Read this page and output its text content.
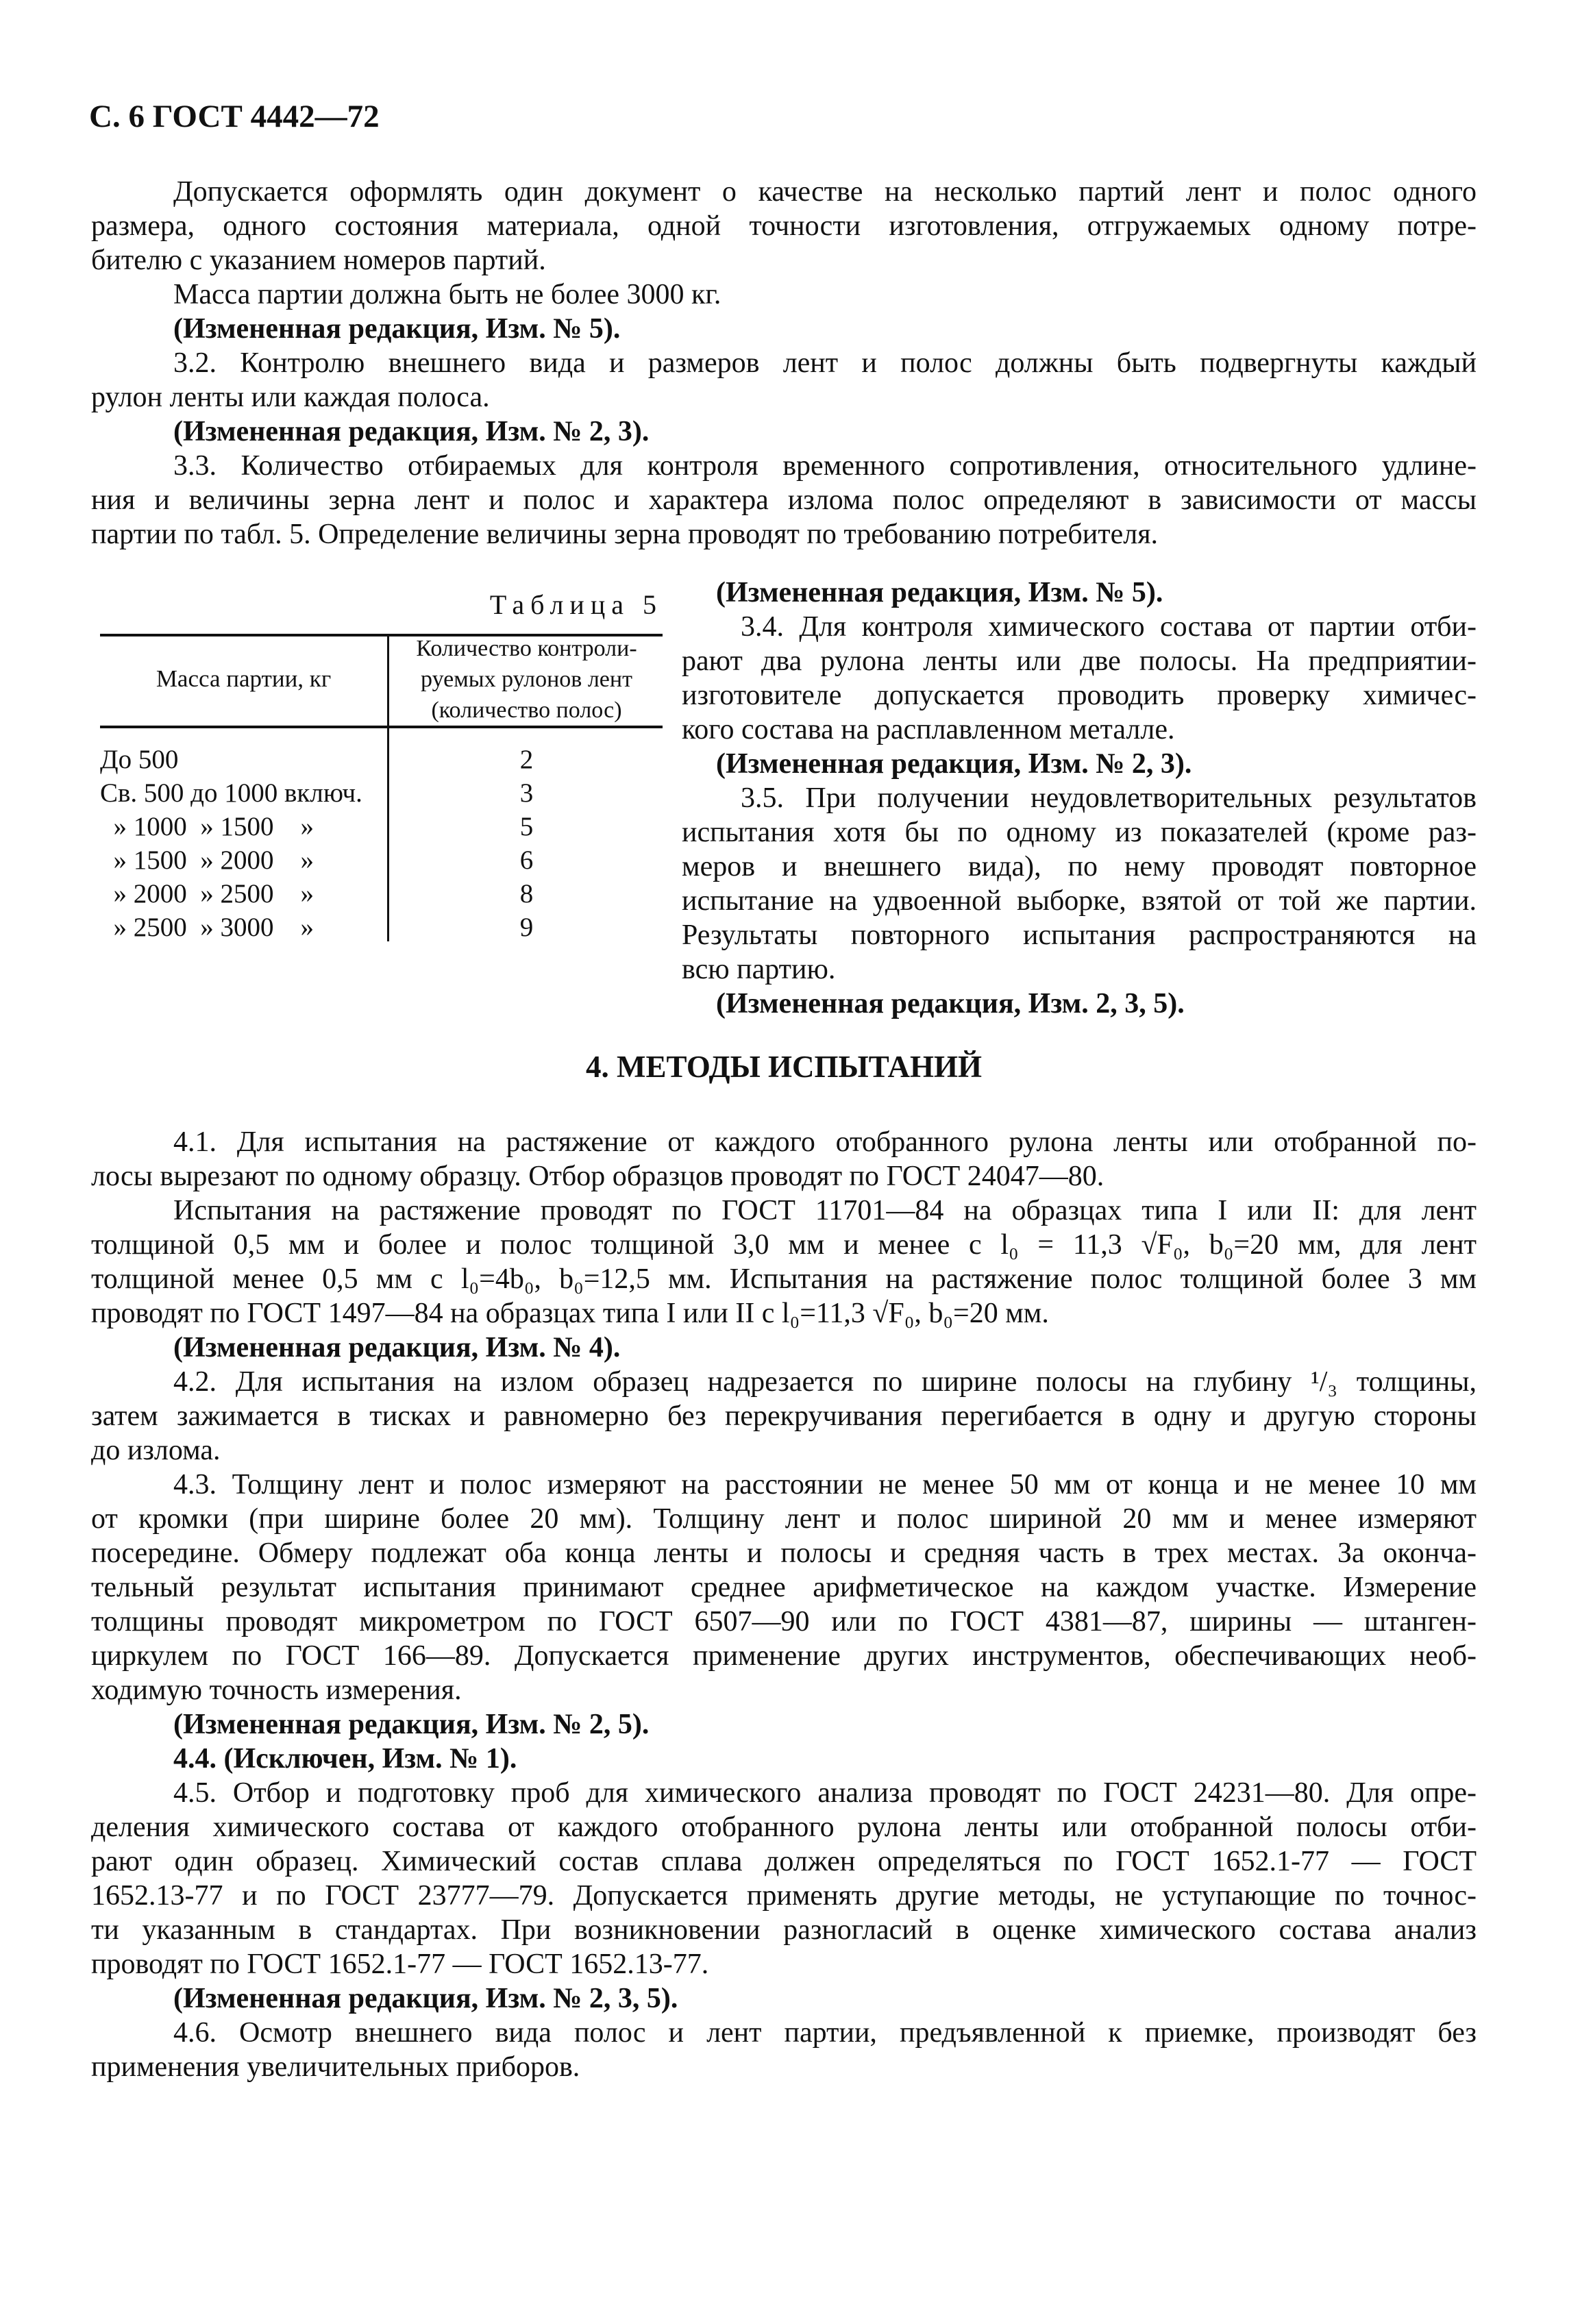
С. 6 ГОСТ 4442—72
Допускается оформлять один документ о качестве на несколько партий лент и полос одного
размера, одного состояния материала, одной точности изготовления, отгружаемых одному потре-
бителю с указанием номеров партий.
Масса партии должна быть не более 3000 кг.
(Измененная редакция, Изм. № 5).
3.2. Контролю внешнего вида и размеров лент и полос должны быть подвергнуты каждый
рулон ленты или каждая полоса.
(Измененная редакция, Изм. № 2, 3).
3.3. Количество отбираемых для контроля временного сопротивления, относительного удлине-
ния и величины зерна лент и полос и характера излома полос определяют в зависимости от массы
партии по табл. 5. Определение величины зерна проводят по требованию потребителя.
Таблица 5
Масса партии, кг
Количество контроли-
руемых рулонов лент
(количество полос)
До 500	2
Св. 500 до 1000 включ.	3
» 1000  » 1500    »	5
» 1500  » 2000    »	6
» 2000  » 2500    »	8
» 2500  » 3000    »	9
(Измененная редакция, Изм. № 5).
3.4. Для контроля химического состава от партии отби-
рают два рулона ленты или две полосы. На предприятии-
изготовителе допускается проводить проверку химичес-
кого состава на расплавленном металле.
(Измененная редакция, Изм. № 2, 3).
3.5. При получении неудовлетворительных результатов
испытания хотя бы по одному из показателей (кроме раз-
меров и внешнего вида), по нему проводят повторное
испытание на удвоенной выборке, взятой от той же партии.
Результаты повторного испытания распространяются на
всю партию.
(Измененная редакция, Изм. 2, 3, 5).
4. МЕТОДЫ ИСПЫТАНИЙ
4.1. Для испытания на растяжение от каждого отобранного рулона ленты или отобранной по-
лосы вырезают по одному образцу. Отбор образцов проводят по ГОСТ 24047—80.
Испытания на растяжение проводят по ГОСТ 11701—84 на образцах типа I или II: для лент
толщиной 0,5 мм и более и полос толщиной 3,0 мм и менее с l₀ = 11,3 √F₀, b₀=20 мм, для лент
толщиной менее 0,5 мм с l₀=4b₀, b₀=12,5 мм. Испытания на растяжение полос толщиной более 3 мм
проводят по ГОСТ 1497—84 на образцах типа I или II с l₀=11,3 √F₀, b₀=20 мм.
(Измененная редакция, Изм. № 4).
4.2. Для испытания на излом образец надрезается по ширине полосы на глубину ¹/₃ толщины,
затем зажимается в тисках и равномерно без перекручивания перегибается в одну и другую стороны
до излома.
4.3. Толщину лент и полос измеряют на расстоянии не менее 50 мм от конца и не менее 10 мм
от кромки (при ширине более 20 мм). Толщину лент и полос шириной 20 мм и менее измеряют
посередине. Обмеру подлежат оба конца ленты и полосы и средняя часть в трех местах. За оконча-
тельный результат испытания принимают среднее арифметическое на каждом участке. Измерение
толщины проводят микрометром по ГОСТ 6507—90 или по ГОСТ 4381—87, ширины — штанген-
циркулем по ГОСТ 166—89. Допускается применение других инструментов, обеспечивающих необ-
ходимую точность измерения.
(Измененная редакция, Изм. № 2, 5).
4.4. (Исключен, Изм. № 1).
4.5. Отбор и подготовку проб для химического анализа проводят по ГОСТ 24231—80. Для опре-
деления химического состава от каждого отобранного рулона ленты или отобранной полосы отби-
рают один образец. Химический состав сплава должен определяться по ГОСТ 1652.1-77 — ГОСТ
1652.13-77 и по ГОСТ 23777—79. Допускается применять другие методы, не уступающие по точнос-
ти указанным в стандартах. При возникновении разногласий в оценке химического состава анализ
проводят по ГОСТ 1652.1-77 — ГОСТ 1652.13-77.
(Измененная редакция, Изм. № 2, 3, 5).
4.6. Осмотр внешнего вида полос и лент партии, предъявленной к приемке, производят без
применения увеличительных приборов.
